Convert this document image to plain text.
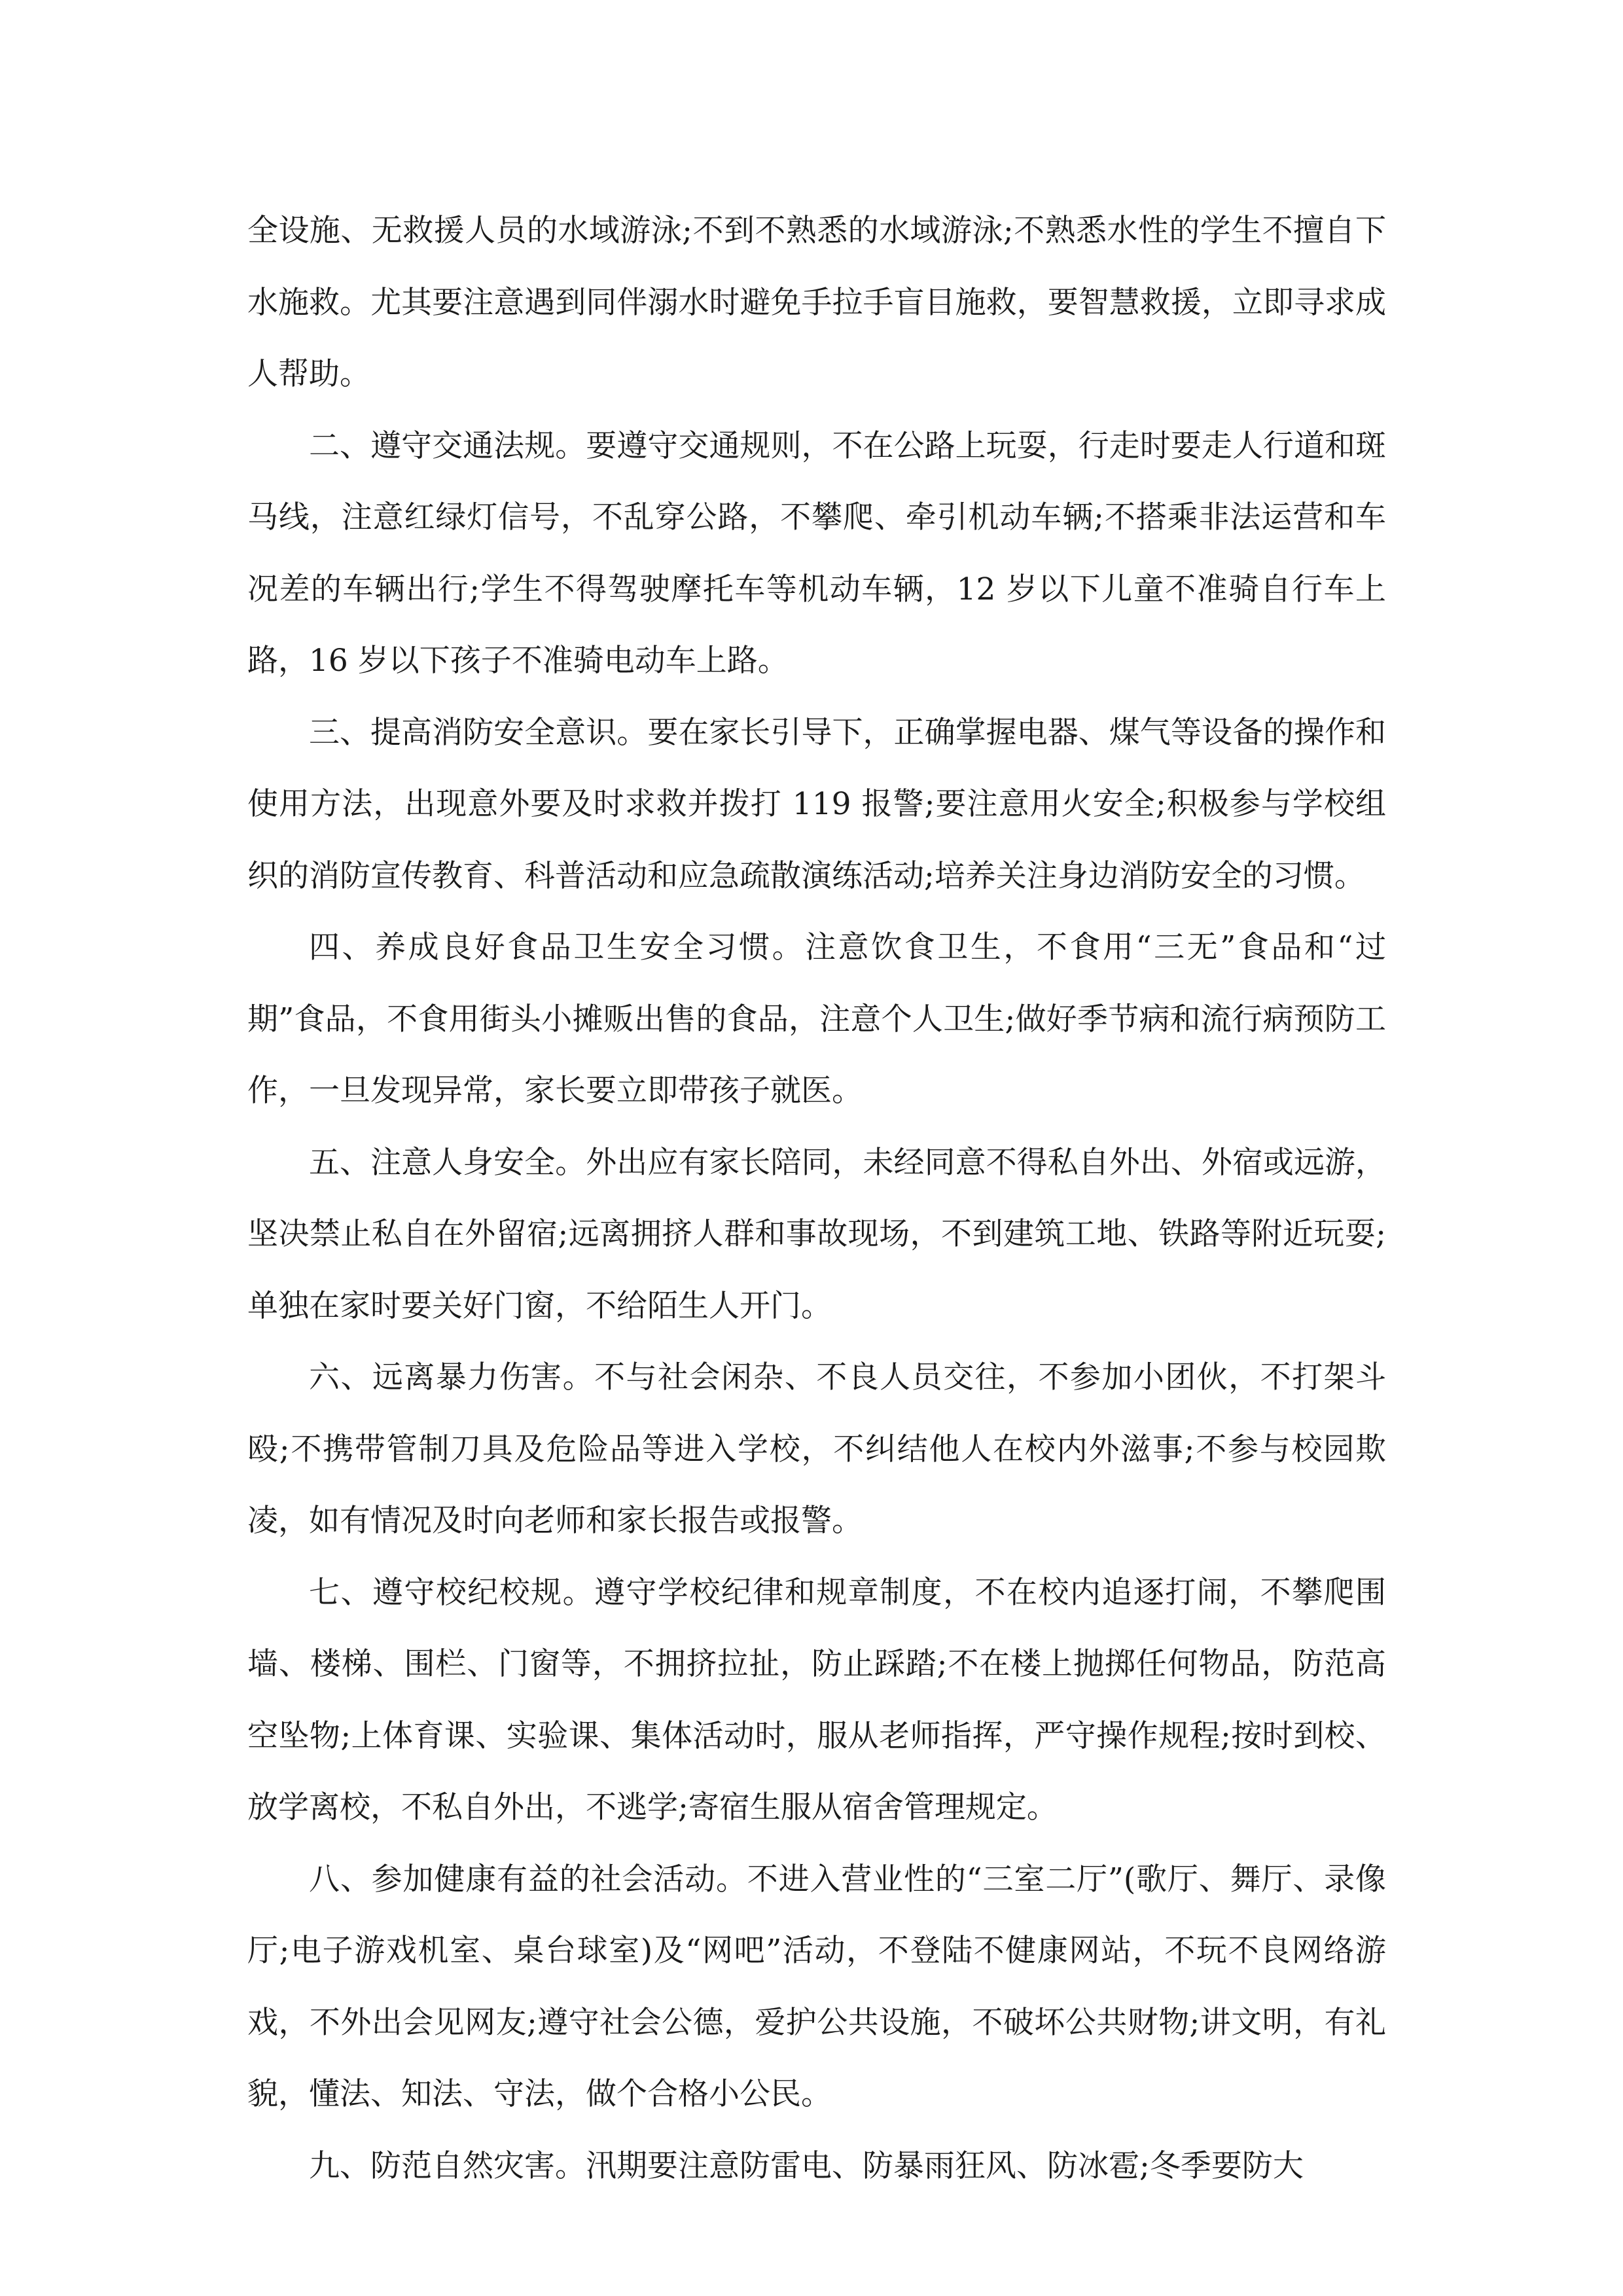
全设施、无救援人员的水域游泳;不到不熟悉的水域游泳;不熟悉水性的学生不擅自下水施救。尤其要注意遇到同伴溺水时避免手拉手盲目施救，要智慧救援，立即寻求成人帮助。

二、遵守交通法规。要遵守交通规则，不在公路上玩耍，行走时要走人行道和斑马线，注意红绿灯信号，不乱穿公路，不攀爬、牵引机动车辆;不搭乘非法运营和车况差的车辆出行;学生不得驾驶摩托车等机动车辆，12 岁以下儿童不准骑自行车上路，16 岁以下孩子不准骑电动车上路。

三、提高消防安全意识。要在家长引导下，正确掌握电器、煤气等设备的操作和使用方法，出现意外要及时求救并拨打 119 报警;要注意用火安全;积极参与学校组织的消防宣传教育、科普活动和应急疏散演练活动;培养关注身边消防安全的习惯。

四、养成良好食品卫生安全习惯。注意饮食卫生，不食用“三无”食品和“过期”食品，不食用街头小摊贩出售的食品，注意个人卫生;做好季节病和流行病预防工作，一旦发现异常，家长要立即带孩子就医。

五、注意人身安全。外出应有家长陪同，未经同意不得私自外出、外宿或远游，坚决禁止私自在外留宿;远离拥挤人群和事故现场，不到建筑工地、铁路等附近玩耍;单独在家时要关好门窗，不给陌生人开门。

六、远离暴力伤害。不与社会闲杂、不良人员交往，不参加小团伙，不打架斗殴;不携带管制刀具及危险品等进入学校，不纠结他人在校内外滋事;不参与校园欺凌，如有情况及时向老师和家长报告或报警。

七、遵守校纪校规。遵守学校纪律和规章制度，不在校内追逐打闹，不攀爬围墙、楼梯、围栏、门窗等，不拥挤拉扯，防止踩踏;不在楼上抛掷任何物品，防范高空坠物;上体育课、实验课、集体活动时，服从老师指挥，严守操作规程;按时到校、放学离校，不私自外出，不逃学;寄宿生服从宿舍管理规定。

八、参加健康有益的社会活动。不进入营业性的“三室二厅”(歌厅、舞厅、录像厅;电子游戏机室、桌台球室)及“网吧”活动，不登陆不健康网站，不玩不良网络游戏，不外出会见网友;遵守社会公德，爱护公共设施，不破坏公共财物;讲文明，有礼貌，懂法、知法、守法，做个合格小公民。

九、防范自然灾害。汛期要注意防雷电、防暴雨狂风、防冰雹;冬季要防大
